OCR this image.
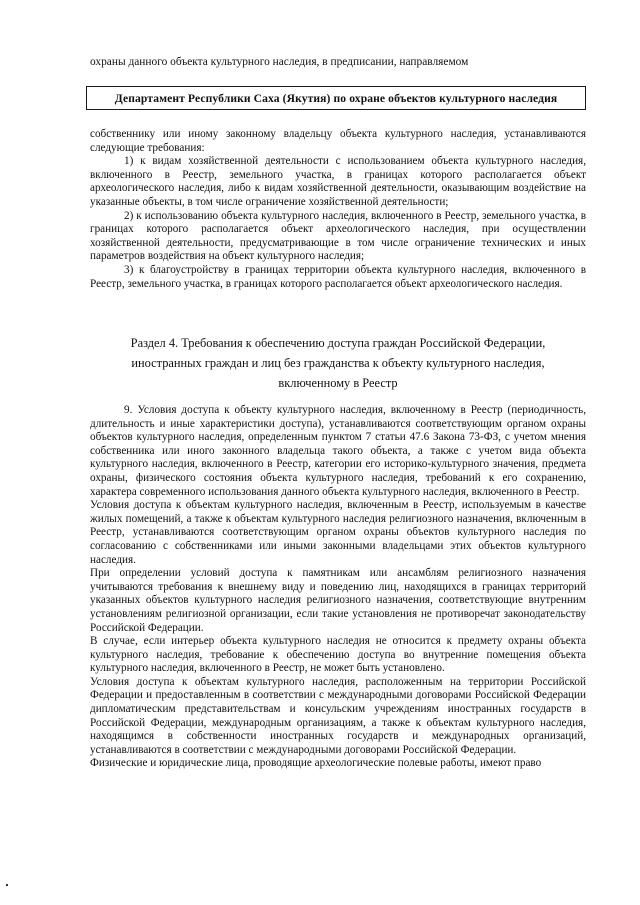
охраны данного объекта культурного наследия, в предписании, направляемом
Департамент Республики Саха (Якутия) по охране объектов культурного наследия

собственнику или иному законному владельцу объекта культурного наследия, устанавливаются следующие требования:

1) к видам хозяйственной деятельности с использованием объекта культурного наследия, включенного в Реестр, земельного участка, в границах которого располагается объект археологического наследия, либо к видам хозяйственной деятельности, оказывающим воздействие на указанные объекты, в том числе ограничение хозяйственной деятельности;

2) к использованию объекта культурного наследия, включенного в Реестр, земельного участка, в границах которого располагается объект археологического наследия, при осуществлении хозяйственной деятельности, предусматривающие в том числе ограничение технических и иных параметров воздействия на объект культурного наследия;

3) к благоустройству в границах территории объекта культурного наследия, включенного в Реестр, земельного участка, в границах которого располагается объект археологического наследия.

Раздел 4. Требования к обеспечению доступа граждан Российской Федерации,
иностранных граждан и лиц без гражданства к объекту культурного наследия,
включенному в Реестр

9. Условия доступа к объекту культурного наследия, включенному в Реестр (периодичность, длительность и иные характеристики доступа), устанавливаются соответствующим органом охраны объектов культурного наследия, определенным пунктом 7 статьи 47.6 Закона 73-ФЗ, с учетом мнения собственника или иного законного владельца такого объекта, а также с учетом вида объекта культурного наследия, включенного в Реестр, категории его историко-культурного значения, предмета охраны, физического состояния объекта культурного наследия, требований к его сохранению, характера современного использования данного объекта культурного наследия, включенного в Реестр.

Условия доступа к объектам культурного наследия, включенным в Реестр, используемым в качестве жилых помещений, а также к объектам культурного наследия религиозного назначения, включенным в Реестр, устанавливаются соответствующим органом охраны объектов культурного наследия по согласованию с собственниками или иными законными владельцами этих объектов культурного наследия.

При определении условий доступа к памятникам или ансамблям религиозного назначения учитываются требования к внешнему виду и поведению лиц, находящихся в границах территорий указанных объектов культурного наследия религиозного назначения, соответствующие внутренним установлениям религиозной организации, если такие установления не противоречат законодательству Российской Федерации.

В случае, если интерьер объекта культурного наследия не относится к предмету охраны объекта культурного наследия, требование к обеспечению доступа во внутренние помещения объекта культурного наследия, включенного в Реестр, не может быть установлено.

Условия доступа к объектам культурного наследия, расположенным на территории Российской Федерации и предоставленным в соответствии с международными договорами Российской Федерации дипломатическим представительствам и консульским учреждениям иностранных государств в Российской Федерации, международным организациям, а также к объектам культурного наследия, находящимся в собственности иностранных государств и международных организаций, устанавливаются в соответствии с международными договорами Российской Федерации.

Физические и юридические лица, проводящие археологические полевые работы, имеют право
